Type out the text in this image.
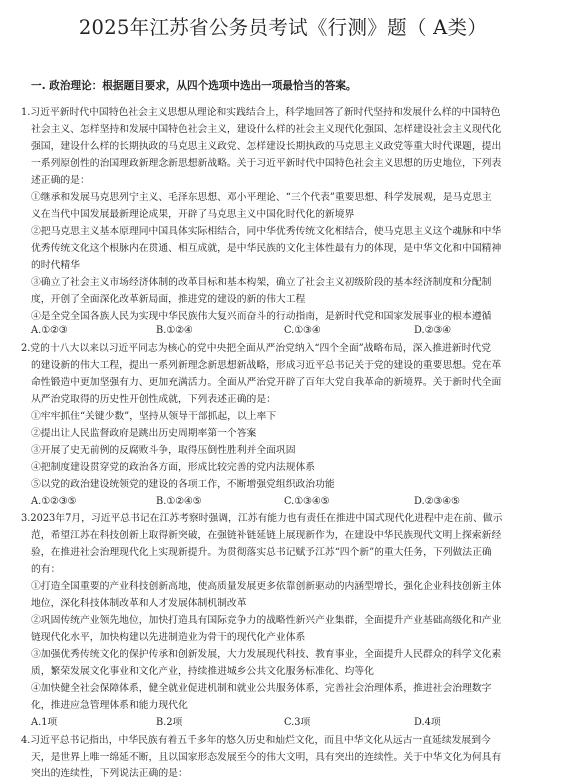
2025年江苏省公务员考试《行测》题（ A类）
一. 政治理论：根据题目要求，从四个选项中选出一项最恰当的答案。
1.习近平新时代中国特色社会主义思想从理论和实践结合上，科学地回答了新时代坚持和发展什么样的中国特色
社会主义、怎样坚持和发展中国特色社会主义，建设什么样的社会主义现代化强国、怎样建设社会主义现代化
强国，建设什么样的长期执政的马克思主义政党、怎样建设长期执政的马克思主义政党等重大时代课题，提出
一系列原创性的治国理政新理念新思想新战略。关于习近平新时代中国特色社会主义思想的历史地位，下列表
述正确的是：
①继承和发展马克思列宁主义、毛泽东思想、邓小平理论、“三个代表”重要思想、科学发展观，是马克思主
义在当代中国发展最新理论成果，开辟了马克思主义中国化时代化的新境界
②把马克思主义基本原理同中国具体实际相结合，同中华优秀传统文化相结合，使马克思主义这个魂脉和中华
优秀传统文化这个根脉内在贯通、相互成就，是中华民族的文化主体性最有力的体现，是中华文化和中国精神
的时代精华
③确立了社会主义市场经济体制的改革目标和基本构架，确立了社会主义初级阶段的基本经济制度和分配制
度，开创了全面深化改革新局面，推进党的建设的新的伟大工程
④是全党全国各族人民为实现中华民族伟大复兴而奋斗的行动指南，是新时代党和国家发展事业的根本遵循
A.①②③	B.①②④	C.①③④	D.②③④
2.党的十八大以来以习近平同志为核心的党中央把全面从严治党纳入“四个全面”战略布局，深入推进新时代党
的建设新的伟大工程，提出一系列新理念新思想新战略，形成习近平总书记关于党的建设的重要思想。党在革
命性锻造中更加坚强有力、更加充满活力。全面从严治党开辟了百年大党自我革命的新境界。关于新时代全面
从严治党取得的历史性开创性成就，下列表述正确的是：
①牢牢抓住“关键少数”，坚持从领导干部抓起，以上率下
②提出让人民监督政府是跳出历史周期率第一个答案
③开展了史无前例的反腐败斗争，取得压倒性胜利并全面巩固
④把制度建设贯穿党的政治各方面，形成比较完善的党内法规体系
⑤以党的政治建设统领党的建设的各项工作，不断增强党组织政治功能
A.①②③⑤	B.①②④⑤	C.①③④⑤	D.②③④⑤
3.2023年7月，习近平总书记在江苏考察时强调，江苏有能力也有责任在推进中国式现代化进程中走在前、做示
范，希望江苏在科技创新上取得新突破，在强链补链延链上展现新作为，在建设中华民族现代文明上探索新经
验，在推进社会治理现代化上实现新提升。为贯彻落实总书记赋予江苏“四个新”的重大任务，下列做法正确
的有：
①打造全国重要的产业科技创新高地，使高质量发展更多依靠创新驱动的内涵型增长，强化企业科技创新主体
地位，深化科技体制改革和人才发展体制机制改革
②巩固传统产业领先地位，加快打造具有国际竞争力的战略性新兴产业集群，全面提升产业基础高级化和产业
链现代化水平，加快构建以先进制造业为骨干的现代化产业体系
③加强优秀传统文化的保护传承和创新发展，大力发展现代科技、教育事业，全面提升人民群众的科学文化素
质，繁荣发展文化事业和文化产业，持续推进城乡公共文化服务标准化、均等化
④加快健全社会保障体系，健全就业促进机制和就业公共服务体系，完善社会治理体系，推进社会治理数字
化，推进应急管理体系和能力现代化
A.1项	B.2项	C.3项	D.4项
4.习近平总书记指出，中华民族有着五千多年的悠久历史和灿烂文化，而且中华文化从远古一直延续发展到今
天，是世界上唯一绵延不断，且以国家形态发展至今的伟大文明，具有突出的连续性。关于中华文化为何具有
突出的连续性，下列说法正确的是：
